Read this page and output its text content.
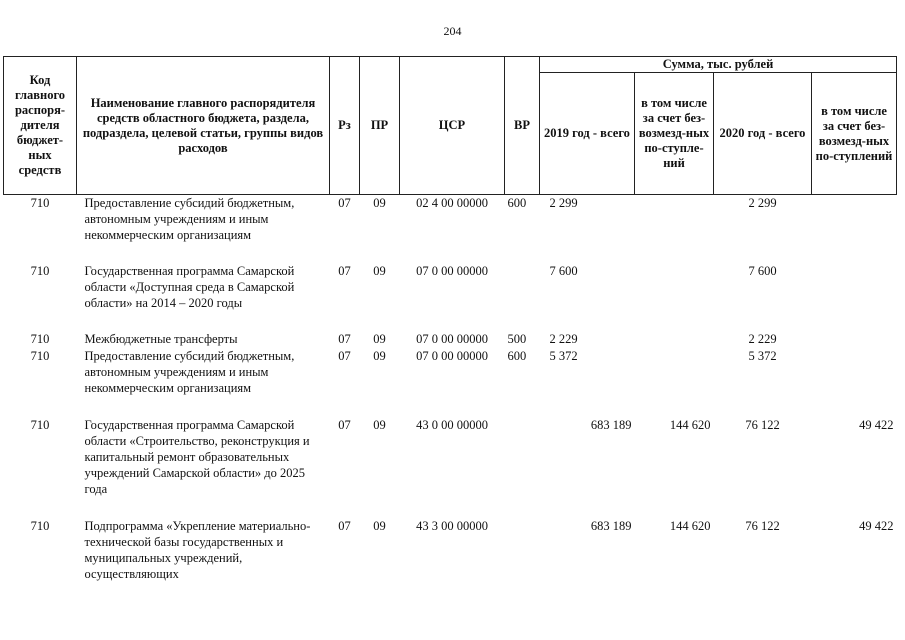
204
Код главного распоря-дителя бюджет-ных средств	Наименование главного распорядителя средств областного бюджета, раздела, подраздела, целевой статьи, группы видов расходов	Рз	ПР	ЦСР	ВР	Сумма, тыс. рублей			
						2019 год - всего	в том числе за счет без-возмезд-ных по-ступле-ний	2020 год - всего	в том числе за счет без-возмезд-ных по-ступлений
710	Предоставление субсидий бюджетным, автономным учреждениям и иным некоммерческим организациям	07	09	02 4 00 00000	600	2 299		2 299	
710	Государственная программа Самарской области «Доступная среда в Самарской области» на 2014 – 2020 годы	07	09	07 0 00 00000		7 600		7 600	
710	Межбюджетные трансферты	07	09	07 0 00 00000	500	2 229		2 229	
710	Предоставление субсидий бюджетным, автономным учреждениям и иным некоммерческим организациям	07	09	07 0 00 00000	600	5 372		5 372	
710	Государственная программа Самарской области «Строительство, реконструкция и капитальный ремонт образовательных учреждений Самарской области» до 2025 года	07	09	43 0 00 00000		683 189	144 620	76 122	49 422
710	Подпрограмма «Укрепление материально-технической базы государственных и муниципальных учреждений, осуществляющих	07	09	43 3 00 00000		683 189	144 620	76 122	49 422
